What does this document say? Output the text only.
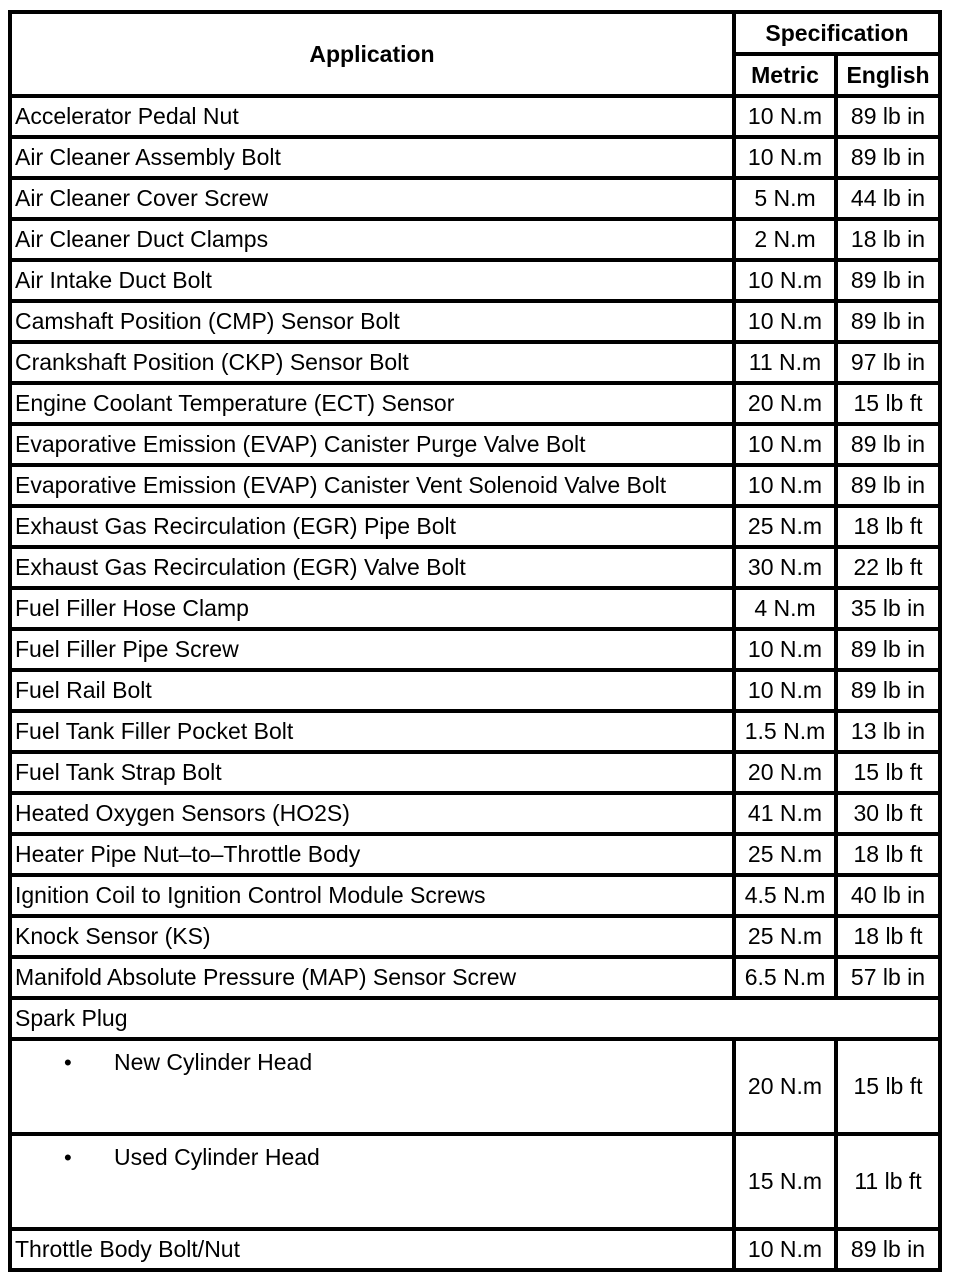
Application	Specification	
	Metric	English
Accelerator Pedal Nut	10 N.m	89 lb in
Air Cleaner Assembly Bolt	10 N.m	89 lb in
Air Cleaner Cover Screw	5 N.m	44 lb in
Air Cleaner Duct Clamps	2 N.m	18 lb in
Air Intake Duct Bolt	10 N.m	89 lb in
Camshaft Position (CMP) Sensor Bolt	10 N.m	89 lb in
Crankshaft Position (CKP) Sensor Bolt	11 N.m	97 lb in
Engine Coolant Temperature (ECT) Sensor	20 N.m	15 lb ft
Evaporative Emission (EVAP) Canister Purge Valve Bolt	10 N.m	89 lb in
Evaporative Emission (EVAP) Canister Vent Solenoid Valve Bolt	10 N.m	89 lb in
Exhaust Gas Recirculation (EGR) Pipe Bolt	25 N.m	18 lb ft
Exhaust Gas Recirculation (EGR) Valve Bolt	30 N.m	22 lb ft
Fuel Filler Hose Clamp	4 N.m	35 lb in
Fuel Filler Pipe Screw	10 N.m	89 lb in
Fuel Rail Bolt	10 N.m	89 lb in
Fuel Tank Filler Pocket Bolt	1.5 N.m	13 lb in
Fuel Tank Strap Bolt	20 N.m	15 lb ft
Heated Oxygen Sensors (HO2S)	41 N.m	30 lb ft
Heater Pipe Nut–to–Throttle Body	25 N.m	18 lb ft
Ignition Coil to Ignition Control Module Screws	4.5 N.m	40 lb in
Knock Sensor (KS)	25 N.m	18 lb ft
Manifold Absolute Pressure (MAP) Sensor Screw	6.5 N.m	57 lb in
Spark Plug		
• New Cylinder Head	20 N.m	15 lb ft
• Used Cylinder Head	15 N.m	11 lb ft
Throttle Body Bolt/Nut	10 N.m	89 lb in
